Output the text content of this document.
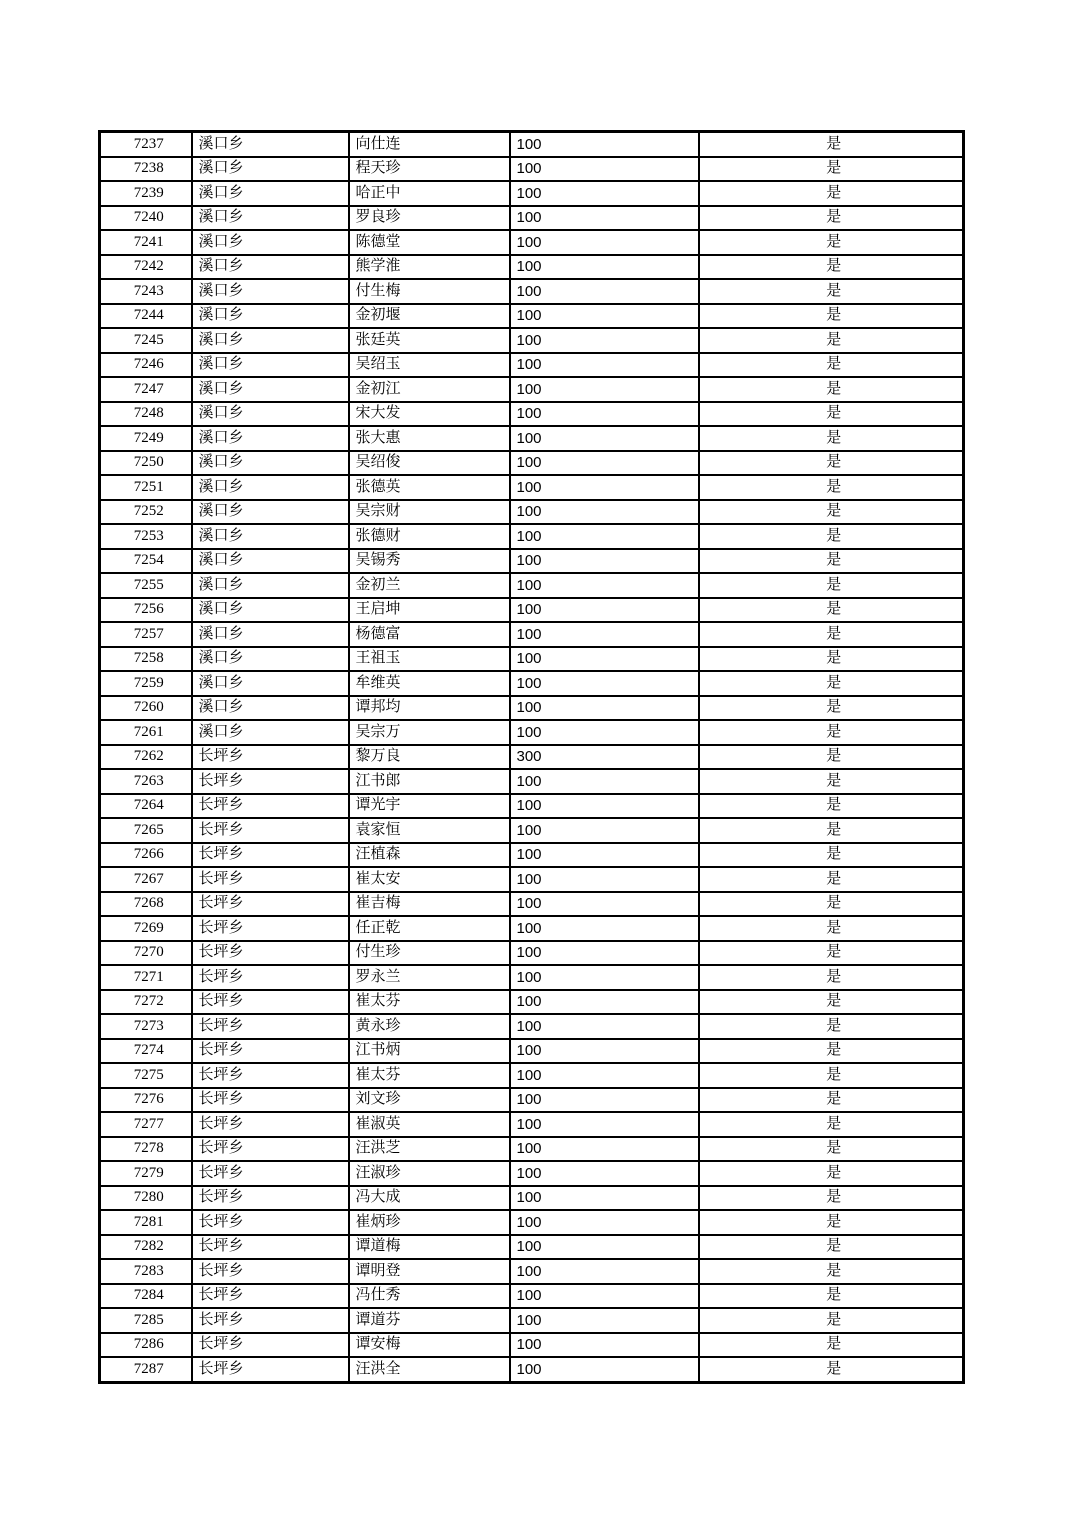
7237	溪口乡	向仕连	100	是
7238	溪口乡	程天珍	100	是
7239	溪口乡	哈正中	100	是
7240	溪口乡	罗良珍	100	是
7241	溪口乡	陈德堂	100	是
7242	溪口乡	熊学淮	100	是
7243	溪口乡	付生梅	100	是
7244	溪口乡	金初堰	100	是
7245	溪口乡	张廷英	100	是
7246	溪口乡	吴绍玉	100	是
7247	溪口乡	金初江	100	是
7248	溪口乡	宋大发	100	是
7249	溪口乡	张大惠	100	是
7250	溪口乡	吴绍俊	100	是
7251	溪口乡	张德英	100	是
7252	溪口乡	吴宗财	100	是
7253	溪口乡	张德财	100	是
7254	溪口乡	吴锡秀	100	是
7255	溪口乡	金初兰	100	是
7256	溪口乡	王启坤	100	是
7257	溪口乡	杨德富	100	是
7258	溪口乡	王祖玉	100	是
7259	溪口乡	牟维英	100	是
7260	溪口乡	谭邦均	100	是
7261	溪口乡	吴宗万	100	是
7262	长坪乡	黎万良	300	是
7263	长坪乡	江书郎	100	是
7264	长坪乡	谭光宇	100	是
7265	长坪乡	袁家恒	100	是
7266	长坪乡	汪植森	100	是
7267	长坪乡	崔太安	100	是
7268	长坪乡	崔吉梅	100	是
7269	长坪乡	任正乾	100	是
7270	长坪乡	付生珍	100	是
7271	长坪乡	罗永兰	100	是
7272	长坪乡	崔太芬	100	是
7273	长坪乡	黄永珍	100	是
7274	长坪乡	江书炳	100	是
7275	长坪乡	崔太芬	100	是
7276	长坪乡	刘文珍	100	是
7277	长坪乡	崔淑英	100	是
7278	长坪乡	汪洪芝	100	是
7279	长坪乡	汪淑珍	100	是
7280	长坪乡	冯大成	100	是
7281	长坪乡	崔炳珍	100	是
7282	长坪乡	谭道梅	100	是
7283	长坪乡	谭明登	100	是
7284	长坪乡	冯仕秀	100	是
7285	长坪乡	谭道芬	100	是
7286	长坪乡	谭安梅	100	是
7287	长坪乡	汪洪全	100	是
